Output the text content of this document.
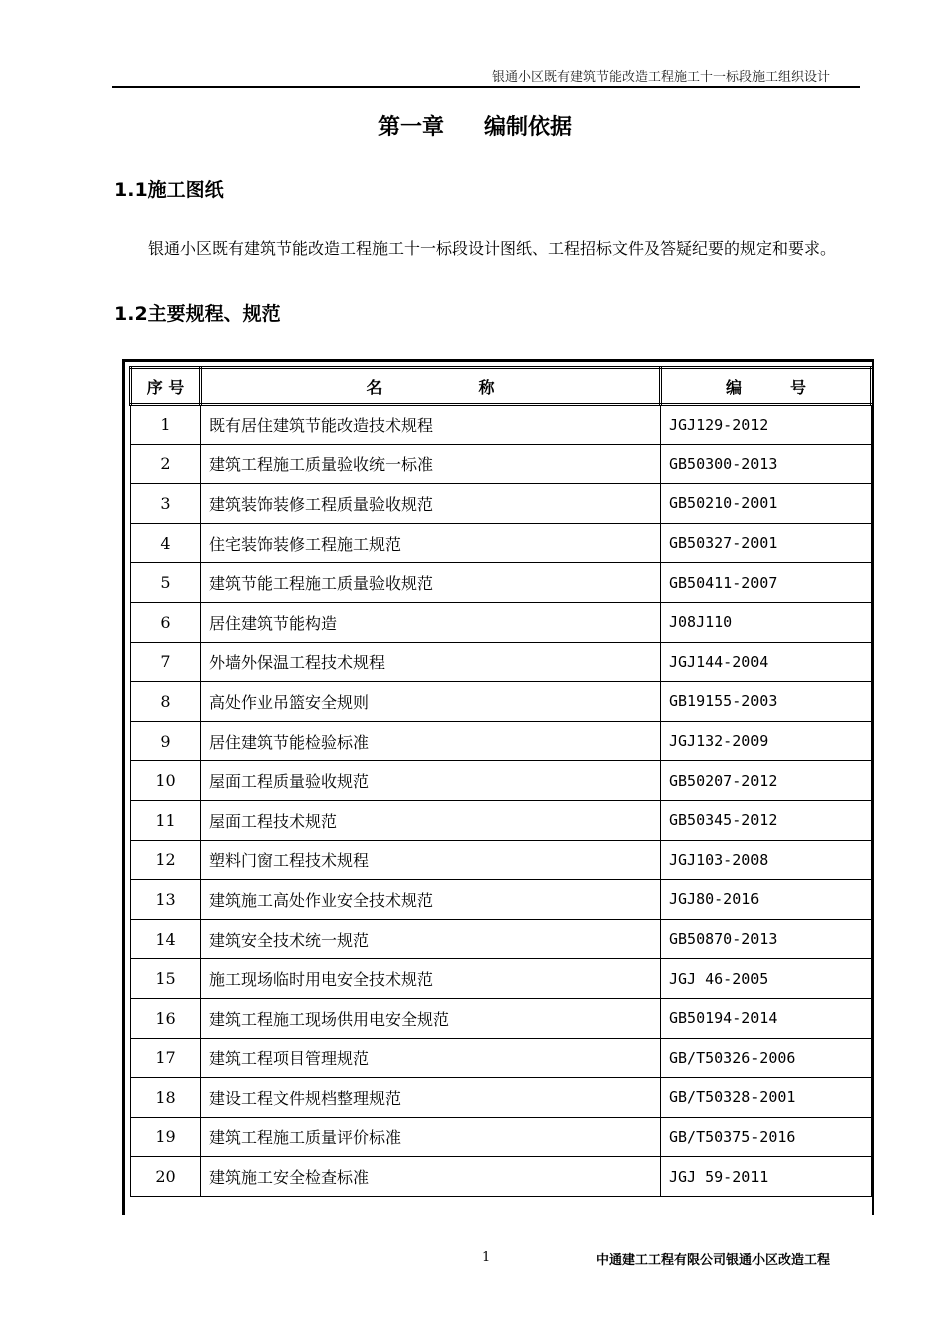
银通小区既有建筑节能改造工程施工十一标段施工组织设计
第一章 编制依据
1.1施工图纸
银通小区既有建筑节能改造工程施工十一标段设计图纸、工程招标文件及答疑纪要的规定和要求。
1.2主要规程、规范
序 号	名　　　　　　称	编　　　号
1	既有居住建筑节能改造技术规程	JGJ129-2012
2	建筑工程施工质量验收统一标准	GB50300-2013
3	建筑装饰装修工程质量验收规范	GB50210-2001
4	住宅装饰装修工程施工规范	GB50327-2001
5	建筑节能工程施工质量验收规范	GB50411-2007
6	居住建筑节能构造	J08J110
7	外墙外保温工程技术规程	JGJ144-2004
8	高处作业吊篮安全规则	GB19155-2003
9	居住建筑节能检验标准	JGJ132-2009
10	屋面工程质量验收规范	GB50207-2012
11	屋面工程技术规范	GB50345-2012
12	塑料门窗工程技术规程	JGJ103-2008
13	建筑施工高处作业安全技术规范	JGJ80-2016
14	建筑安全技术统一规范	GB50870-2013
15	施工现场临时用电安全技术规范	JGJ 46-2005
16	建筑工程施工现场供用电安全规范	GB50194-2014
17	建筑工程项目管理规范	GB/T50326-2006
18	建设工程文件规档整理规范	GB/T50328-2001
19	建筑工程施工质量评价标准	GB/T50375-2016
20	建筑施工安全检查标准	JGJ 59-2011
1	中通建工工程有限公司银通小区改造工程
